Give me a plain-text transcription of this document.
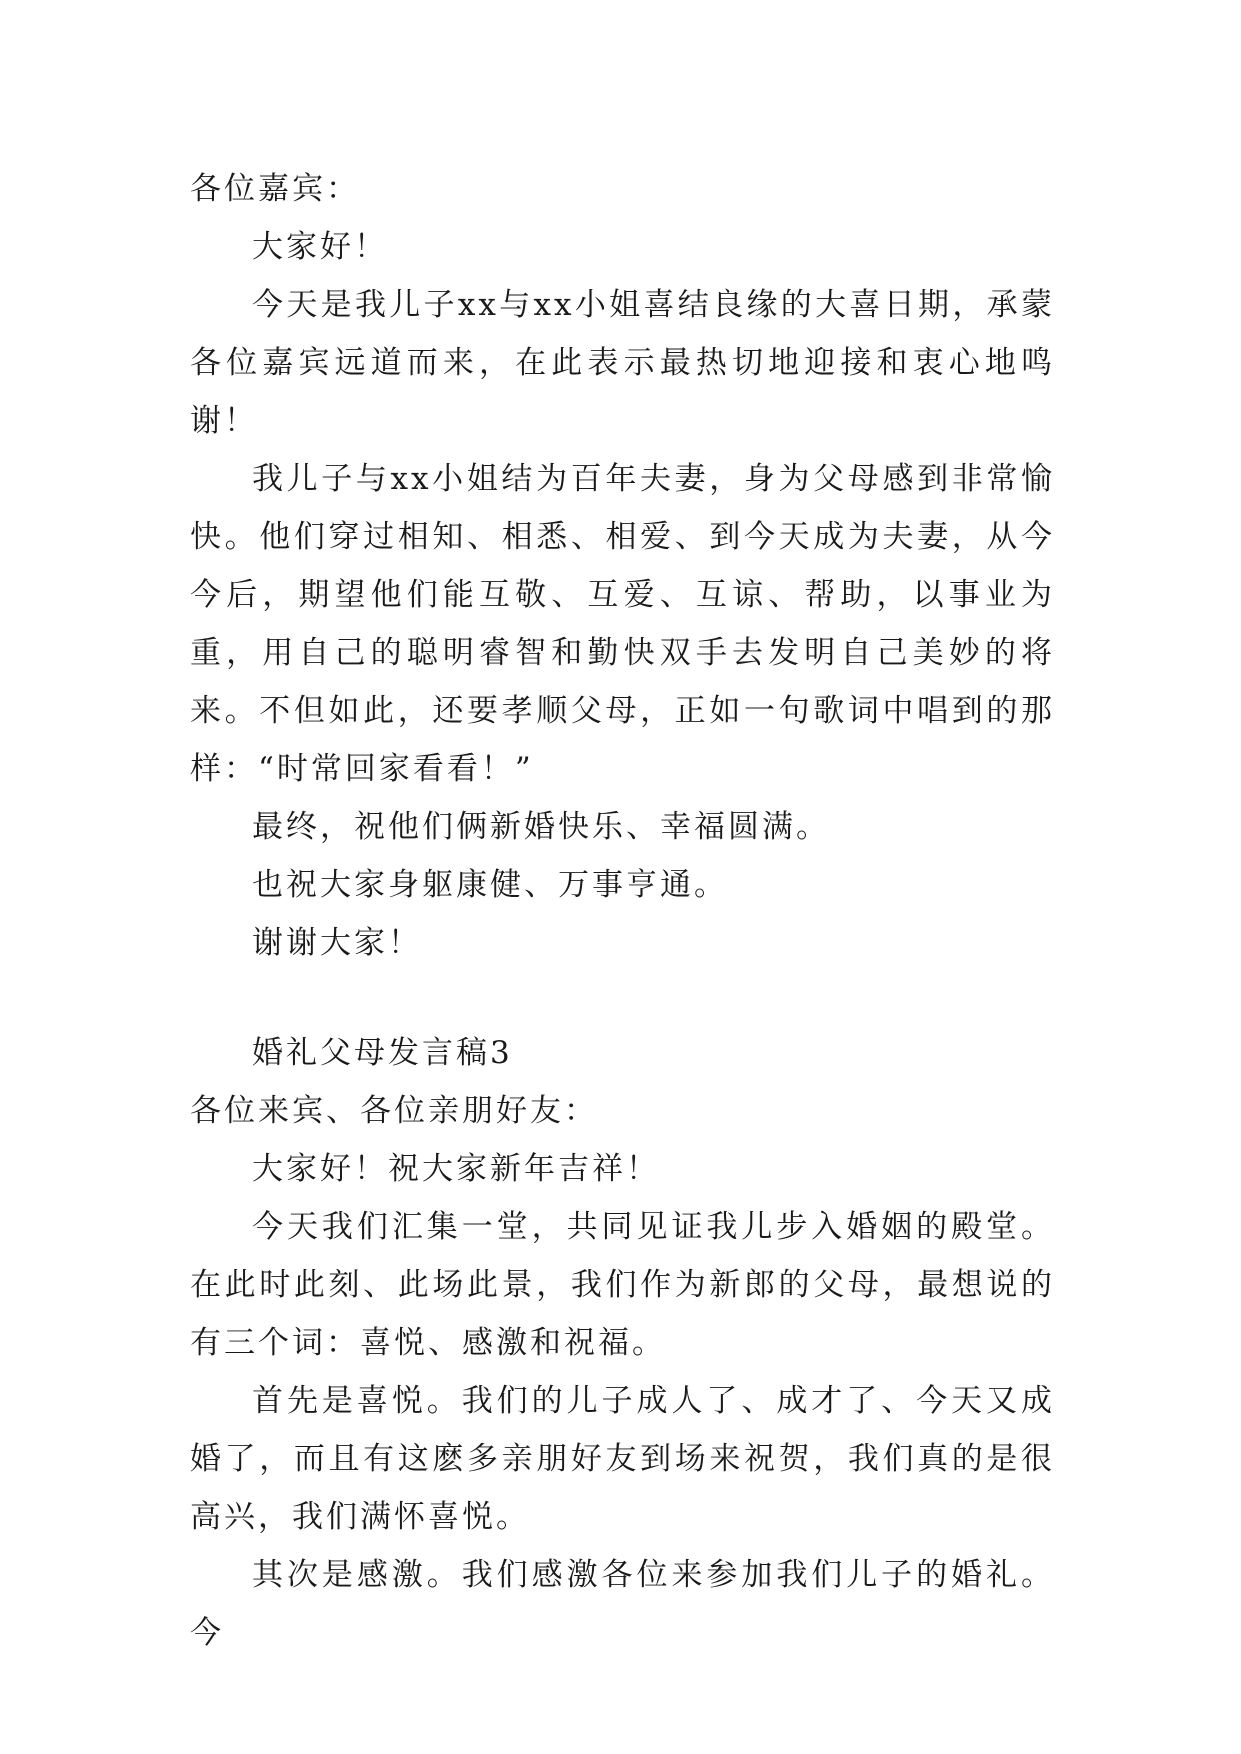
各位嘉宾：

大家好！

今天是我儿子xx与xx小姐喜结良缘的大喜日期，承蒙各位嘉宾远道而来，在此表示最热切地迎接和衷心地鸣谢！

我儿子与xx小姐结为百年夫妻，身为父母感到非常愉快。他们穿过相知、相悉、相爱、到今天成为夫妻，从今今后，期望他们能互敬、互爱、互谅、帮助，以事业为重，用自己的聪明睿智和勤快双手去发明自己美妙的将来。不但如此，还要孝顺父母，正如一句歌词中唱到的那样：“时常回家看看！”

最终，祝他们俩新婚快乐、幸福圆满。

也祝大家身躯康健、万事亨通。

谢谢大家！

婚礼父母发言稿3

各位来宾、各位亲朋好友：

大家好！祝大家新年吉祥！

今天我们汇集一堂，共同见证我儿步入婚姻的殿堂。在此时此刻、此场此景，我们作为新郎的父母，最想说的有三个词：喜悦、感激和祝福。

首先是喜悦。我们的儿子成人了、成才了、今天又成婚了，而且有这麽多亲朋好友到场来祝贺，我们真的是很高兴，我们满怀喜悦。

其次是感激。我们感激各位来参加我们儿子的婚礼。今
